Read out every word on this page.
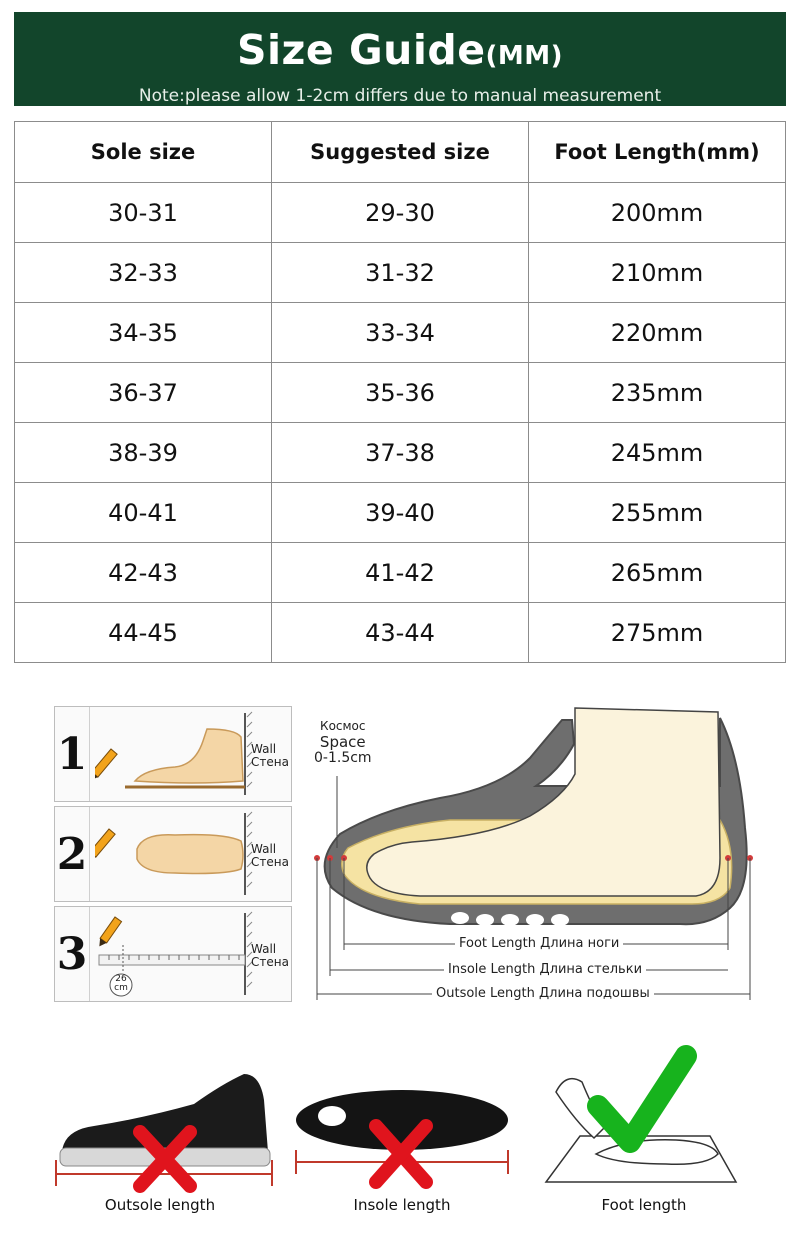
Size Guide(MM)
Note:please allow 1-2cm differs due to manual measurement
Sole size	Suggested size	Foot Length(mm)
30-31	29-30	200mm
32-33	31-32	210mm
34-35	33-34	220mm
36-37	35-36	235mm
38-39	37-38	245mm
40-41	39-40	255mm
42-43	41-42	265mm
44-45	43-44	275mm
1	Wall
Стена
2	Wall
Стена
3	26
cm
Wall
Стена
Космос
Space
0-1.5cm
Foot Length Длина ноги
Insole Length Длина стельки
Outsole Length Длина подошвы
Outsole length	Insole length	Foot length
